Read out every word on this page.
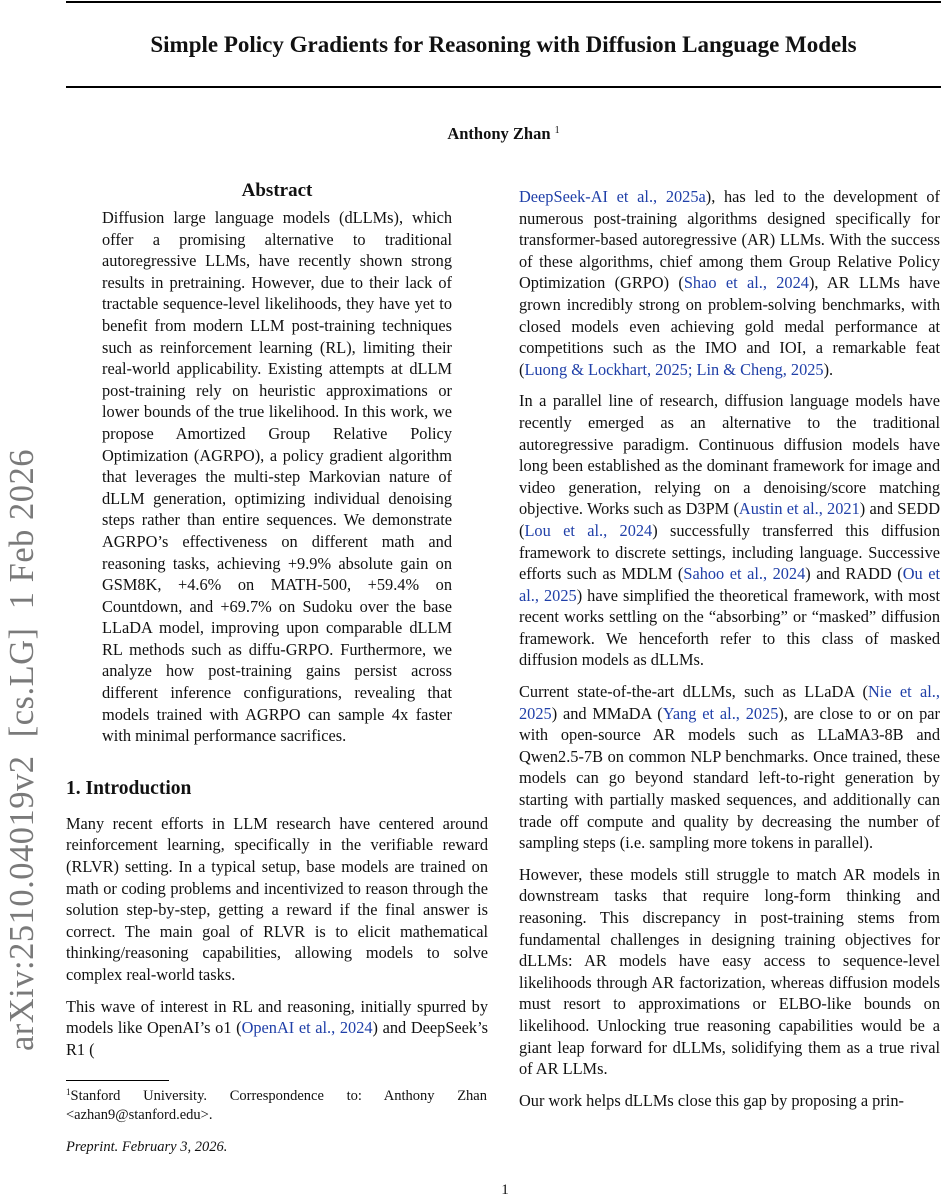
Simple Policy Gradients for Reasoning with Diffusion Language Models
Anthony Zhan $^1$
arXiv:2510.04019v2  [cs.LG]  1 Feb 2026
Abstract

Diffusion large language models (dLLMs), which offer a promising alternative to traditional autoregressive LLMs, have recently shown strong results in pretraining. However, due to their lack of tractable sequence-level likelihoods, they have yet to benefit from modern LLM post-training techniques such as reinforcement learning (RL), limiting their real-world applicability. Existing attempts at dLLM post-training rely on heuristic approximations or lower bounds of the true likelihood. In this work, we propose Amortized Group Relative Policy Optimization (AGRPO), a policy gradient algorithm that leverages the multi-step Markovian nature of dLLM generation, optimizing individual denoising steps rather than entire sequences. We demonstrate AGRPO’s effectiveness on different math and reasoning tasks, achieving +9.9% absolute gain on GSM8K, +4.6% on MATH-500, +59.4% on Countdown, and +69.7% on Sudoku over the base LLaDA model, improving upon comparable dLLM RL methods such as diffu-GRPO. Furthermore, we analyze how post-training gains persist across different inference configurations, revealing that models trained with AGRPO can sample 4x faster with minimal performance sacrifices.

1. Introduction

Many recent efforts in LLM research have centered around reinforcement learning, specifically in the verifiable reward (RLVR) setting. In a typical setup, base models are trained on math or coding problems and incentivized to reason through the solution step-by-step, getting a reward if the final answer is correct. The main goal of RLVR is to elicit mathematical thinking/reasoning capabilities, allowing models to solve complex real-world tasks.

This wave of interest in RL and reasoning, initially spurred by models like OpenAI’s o1 (OpenAI et al., 2024) and DeepSeek’s R1 (

DeepSeek-AI et al., 2025a), has led to the development of numerous post-training algorithms designed specifically for transformer-based autoregressive (AR) LLMs. With the success of these algorithms, chief among them Group Relative Policy Optimization (GRPO) (Shao et al., 2024), AR LLMs have grown incredibly strong on problem-solving benchmarks, with closed models even achieving gold medal performance at competitions such as the IMO and IOI, a remarkable feat (Luong & Lockhart, 2025; Lin & Cheng, 2025).

In a parallel line of research, diffusion language models have recently emerged as an alternative to the traditional autoregressive paradigm. Continuous diffusion models have long been established as the dominant framework for image and video generation, relying on a denoising/score matching objective. Works such as D3PM (Austin et al., 2021) and SEDD (Lou et al., 2024) successfully transferred this diffusion framework to discrete settings, including language. Successive efforts such as MDLM (Sahoo et al., 2024) and RADD (Ou et al., 2025) have simplified the theoretical framework, with most recent works settling on the “absorbing” or “masked” diffusion framework. We henceforth refer to this class of masked diffusion models as dLLMs.

Current state-of-the-art dLLMs, such as LLaDA (Nie et al., 2025) and MMaDA (Yang et al., 2025), are close to or on par with open-source AR models such as LLaMA3-8B and Qwen2.5-7B on common NLP benchmarks. Once trained, these models can go beyond standard left-to-right generation by starting with partially masked sequences, and additionally can trade off compute and quality by decreasing the number of sampling steps (i.e. sampling more tokens in parallel).

However, these models still struggle to match AR models in downstream tasks that require long-form thinking and reasoning. This discrepancy in post-training stems from fundamental challenges in designing training objectives for dLLMs: AR models have easy access to sequence-level likelihoods through AR factorization, whereas diffusion models must resort to approximations or ELBO-like bounds on likelihood. Unlocking true reasoning capabilities would be a giant leap forward for dLLMs, solidifying them as a true rival of AR LLMs.

Our work helps dLLMs close this gap by proposing a prin-

$^1$Stanford University. Correspondence to: Anthony Zhan <azhan9@stanford.edu>.
Preprint. February 3, 2026.
1
